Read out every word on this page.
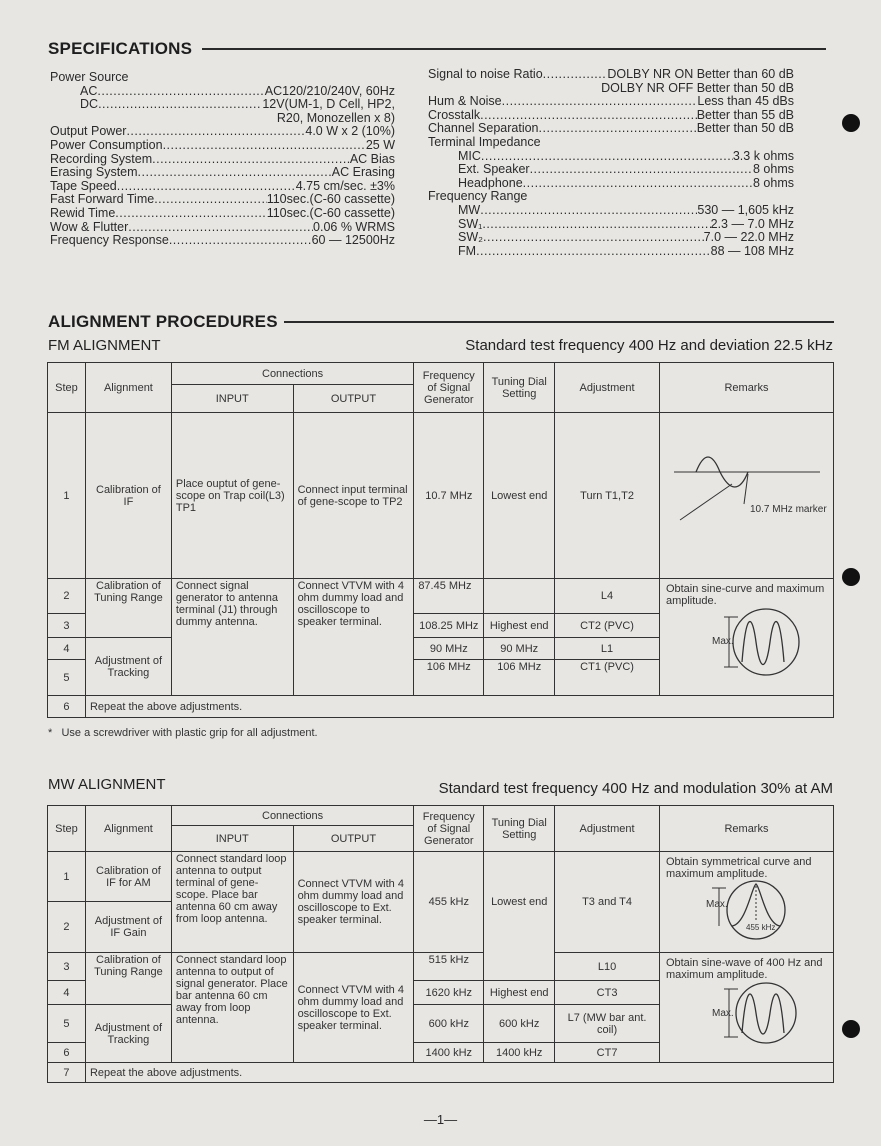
SPECIFICATIONS
Power Source
AC .....	AC120/210/240V, 60Hz
DC .....	12V(UM-1, D Cell, HP2,
R20, Monozellen x 8)
Output Power .....	4.0 W x 2 (10%)
Power Consumption .....	25 W
Recording System .....	AC Bias
Erasing System .....	AC Erasing
Tape Speed .....	4.75 cm/sec. ±3%
Fast Forward Time .....	110sec.(C-60 cassette)
Rewid Time .....	110sec.(C-60 cassette)
Wow & Flutter .....	0.06 % WRMS
Frequency Response .....	60 — 12500Hz
Signal to noise Ratio .....	DOLBY NR ON Better than 60 dB
DOLBY NR OFF Better than 50 dB
Hum & Noise .....	Less than 45 dBs
Crosstalk .....	Better than 55 dB
Channel Separation .....	Better than 50 dB
Terminal Impedance
MIC .....	3.3 k ohms
Ext. Speaker .....	8 ohms
Headphone .....	8 ohms
Frequency Range
MW .....	530 — 1,605 kHz
SW₁ .....	2.3 — 7.0 MHz
SW₂ .....	7.0 — 22.0 MHz
FM .....	88 — 108 MHz
ALIGNMENT PROCEDURES
FM ALIGNMENT	Standard test frequency 400 Hz and deviation 22.5 kHz
Step	Alignment	Connections		Frequency of Signal Generator	Tuning Dial Setting	Adjustment	Remarks
		INPUT	OUTPUT				
1	Calibration of IF	Place ouptut of gene-scope on Trap coil(L3) TP1	Connect input terminal of gene-scope to TP2	10.7 MHz	Lowest end	Turn T1,T2	10.7 MHz marker

2	Calibration of Tuning Range	Connect signal generator to antenna terminal (J1) through dummy antenna.	Connect VTVM with 4 ohm dummy load and oscilloscope to speaker terminal.	87.45 MHz		L4	Obtain sine-curve and maximum amplitude.
Max.

3				108.25 MHz	Highest end	CT2 (PVC)	
4	Adjustment of Tracking			90 MHz	90 MHz	L1	
5				106 MHz	106 MHz	CT1 (PVC)	
6	Repeat the above adjustments.						
*   Use a screwdriver with plastic grip for all adjustment.
MW ALIGNMENT	Standard test frequency 400 Hz and modulation 30% at AM
Step	Alignment	Connections		Frequency of Signal Generator	Tuning Dial Setting	Adjustment	Remarks
		INPUT	OUTPUT				
1	Calibration of IF for AM	Connect standard loop antenna to output terminal of gene-scope. Place bar antenna 60 cm away from loop antenna.	Connect VTVM with 4 ohm dummy load and oscilloscope to Ext. speaker terminal.	455 kHz	Lowest end	T3 and T4	Obtain symmetrical curve and maximum amplitude.
Max.
455 kHz

2	Adjustment of IF Gain						
3	Calibration of Tuning Range	Connect standard loop antenna to output of signal generator. Place bar antenna 60 cm away from loop antenna.	Connect VTVM with 4 ohm dummy load and oscilloscope to Ext. speaker terminal.	515 kHz		L10	Obtain sine-wave of 400 Hz and maximum amplitude.
Max.

4				1620 kHz	Highest end	CT3	
5	Adjustment of Tracking			600 kHz	600 kHz	L7 (MW bar ant. coil)	
6				1400 kHz	1400 kHz	CT7	
7	Repeat the above adjustments.						
—1—
